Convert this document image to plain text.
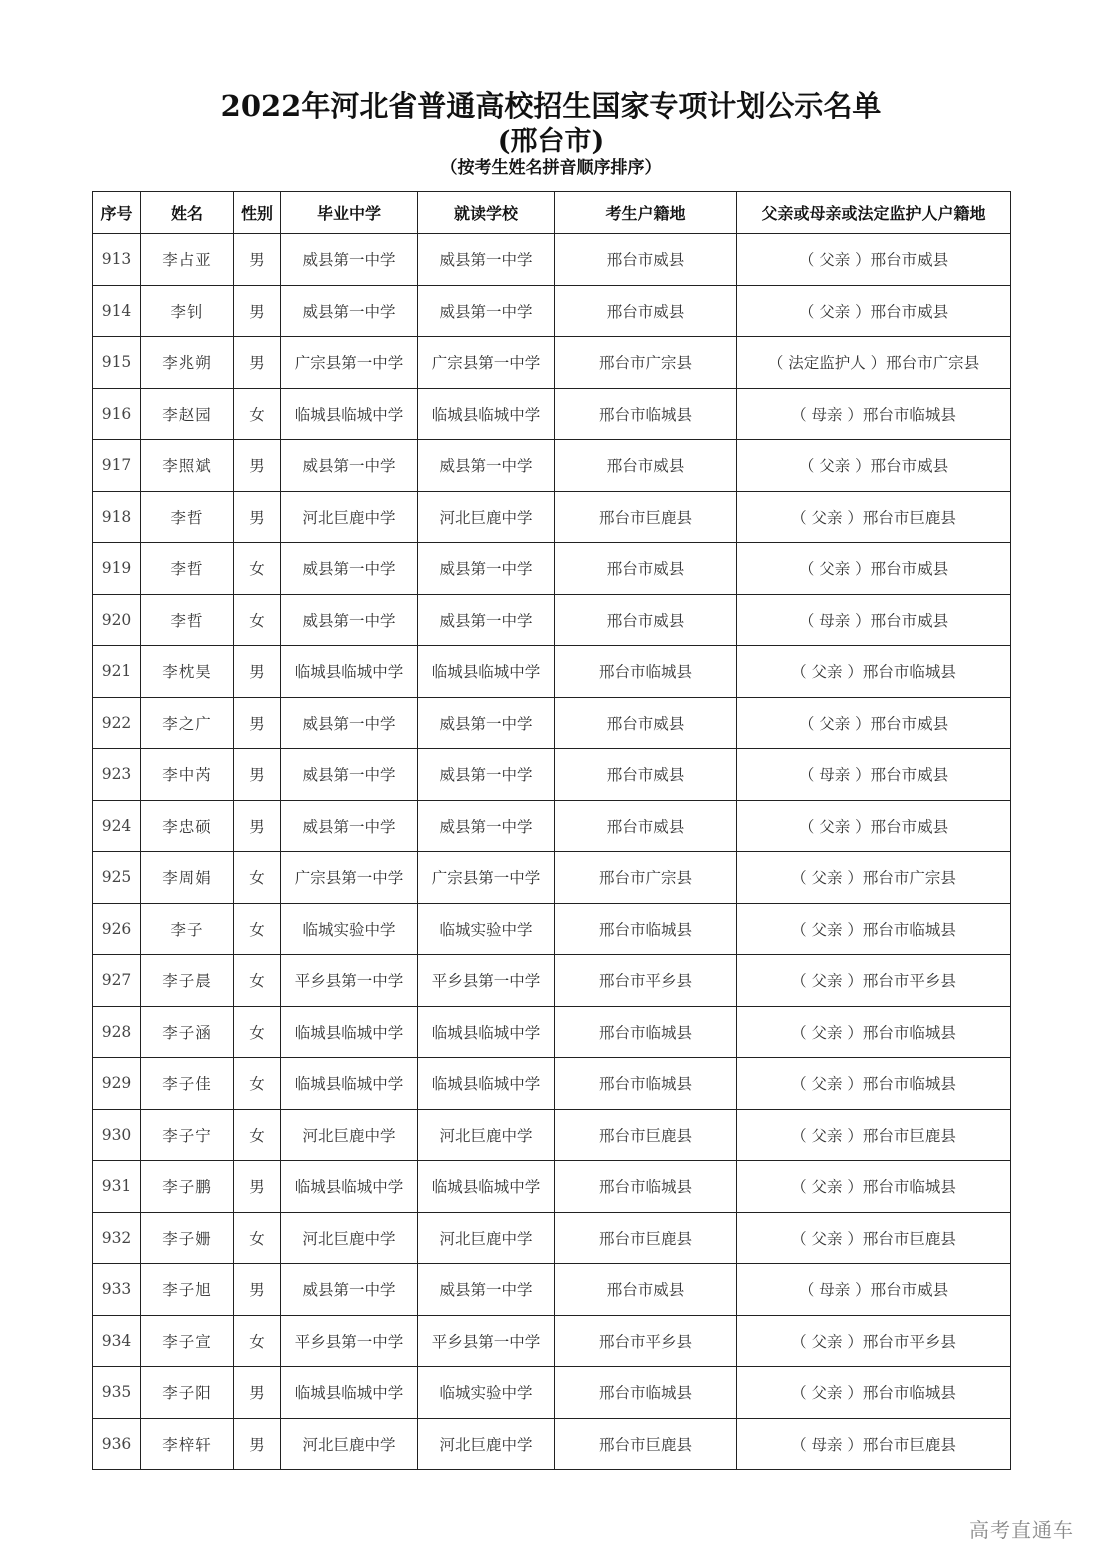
2022年河北省普通高校招生国家专项计划公示名单
(邢台市)
（按考生姓名拼音顺序排序）
序号	姓名	性别	毕业中学	就读学校	考生户籍地	父亲或母亲或法定监护人户籍地
913	李占亚	男	威县第一中学	威县第一中学	邢台市威县	（ 父亲 ）邢台市威县
914	李钊	男	威县第一中学	威县第一中学	邢台市威县	（ 父亲 ）邢台市威县
915	李兆朔	男	广宗县第一中学	广宗县第一中学	邢台市广宗县	（ 法定监护人 ）邢台市广宗县
916	李赵园	女	临城县临城中学	临城县临城中学	邢台市临城县	（ 母亲 ）邢台市临城县
917	李照斌	男	威县第一中学	威县第一中学	邢台市威县	（ 父亲 ）邢台市威县
918	李哲	男	河北巨鹿中学	河北巨鹿中学	邢台市巨鹿县	（ 父亲 ）邢台市巨鹿县
919	李哲	女	威县第一中学	威县第一中学	邢台市威县	（ 父亲 ）邢台市威县
920	李哲	女	威县第一中学	威县第一中学	邢台市威县	（ 母亲 ）邢台市威县
921	李枕昊	男	临城县临城中学	临城县临城中学	邢台市临城县	（ 父亲 ）邢台市临城县
922	李之广	男	威县第一中学	威县第一中学	邢台市威县	（ 父亲 ）邢台市威县
923	李中芮	男	威县第一中学	威县第一中学	邢台市威县	（ 母亲 ）邢台市威县
924	李忠硕	男	威县第一中学	威县第一中学	邢台市威县	（ 父亲 ）邢台市威县
925	李周娟	女	广宗县第一中学	广宗县第一中学	邢台市广宗县	（ 父亲 ）邢台市广宗县
926	李子	女	临城实验中学	临城实验中学	邢台市临城县	（ 父亲 ）邢台市临城县
927	李子晨	女	平乡县第一中学	平乡县第一中学	邢台市平乡县	（ 父亲 ）邢台市平乡县
928	李子涵	女	临城县临城中学	临城县临城中学	邢台市临城县	（ 父亲 ）邢台市临城县
929	李子佳	女	临城县临城中学	临城县临城中学	邢台市临城县	（ 父亲 ）邢台市临城县
930	李子宁	女	河北巨鹿中学	河北巨鹿中学	邢台市巨鹿县	（ 父亲 ）邢台市巨鹿县
931	李子鹏	男	临城县临城中学	临城县临城中学	邢台市临城县	（ 父亲 ）邢台市临城县
932	李子姗	女	河北巨鹿中学	河北巨鹿中学	邢台市巨鹿县	（ 父亲 ）邢台市巨鹿县
933	李子旭	男	威县第一中学	威县第一中学	邢台市威县	（ 母亲 ）邢台市威县
934	李子宣	女	平乡县第一中学	平乡县第一中学	邢台市平乡县	（ 父亲 ）邢台市平乡县
935	李子阳	男	临城县临城中学	临城实验中学	邢台市临城县	（ 父亲 ）邢台市临城县
936	李梓轩	男	河北巨鹿中学	河北巨鹿中学	邢台市巨鹿县	（ 母亲 ）邢台市巨鹿县
高考直通车
